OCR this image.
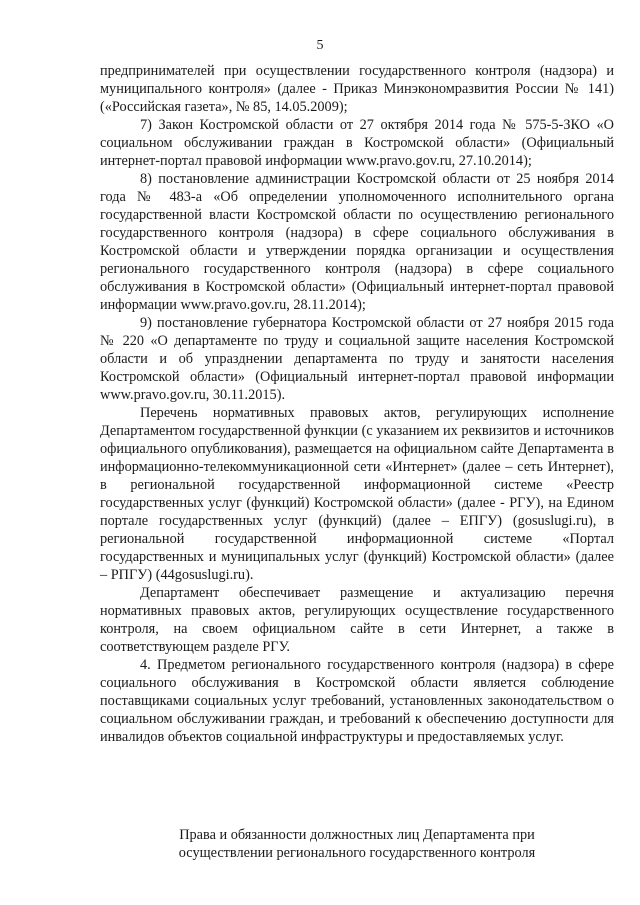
5

предпринимателей при осуществлении государственного контроля (надзора) и муниципального контроля» (далее - Приказ Минэкономразвития России № 141) («Российская газета», № 85, 14.05.2009);

7) Закон Костромской области от 27 октября 2014 года № 575-5-ЗКО «О социальном обслуживании граждан в Костромской области» (Официальный интернет-портал правовой информации www.pravo.gov.ru, 27.10.2014);

8) постановление администрации Костромской области от 25 ноября 2014 года № 483-а «Об определении уполномоченного исполнительного органа государственной власти Костромской области по осуществлению регионального государственного контроля (надзора) в сфере социального обслуживания в Костромской области и утверждении порядка организации и осуществления регионального государственного контроля (надзора) в сфере социального обслуживания в Костромской области» (Официальный интернет-портал правовой информации www.pravo.gov.ru, 28.11.2014);

9) постановление губернатора Костромской области от 27 ноября 2015 года № 220 «О департаменте по труду и социальной защите населения Костромской области и об упразднении департамента по труду и занятости населения Костромской области» (Официальный интернет-портал правовой информации www.pravo.gov.ru, 30.11.2015).

Перечень нормативных правовых актов, регулирующих исполнение Департаментом государственной функции (с указанием их реквизитов и источников официального опубликования), размещается на официальном сайте Департамента в информационно-телекоммуникационной сети «Интернет» (далее – сеть Интернет), в региональной государственной информационной системе «Реестр государственных услуг (функций) Костромской области» (далее - РГУ), на Едином портале государственных услуг (функций) (далее – ЕПГУ) (gosuslugi.ru), в региональной государственной информационной системе «Портал государственных и муниципальных услуг (функций) Костромской области» (далее – РПГУ) (44gosuslugi.ru).

Департамент обеспечивает размещение и актуализацию перечня нормативных правовых актов, регулирующих осуществление государственного контроля, на своем официальном сайте в сети Интернет, а также в соответствующем разделе РГУ.

4. Предметом регионального государственного контроля (надзора) в сфере социального обслуживания в Костромской области является соблюдение поставщиками социальных услуг требований, установленных законодательством о социальном обслуживании граждан, и требований к обеспечению доступности для инвалидов объектов социальной инфраструктуры и предоставляемых услуг.

Права и обязанности должностных лиц Департамента при
осуществлении регионального государственного контроля
